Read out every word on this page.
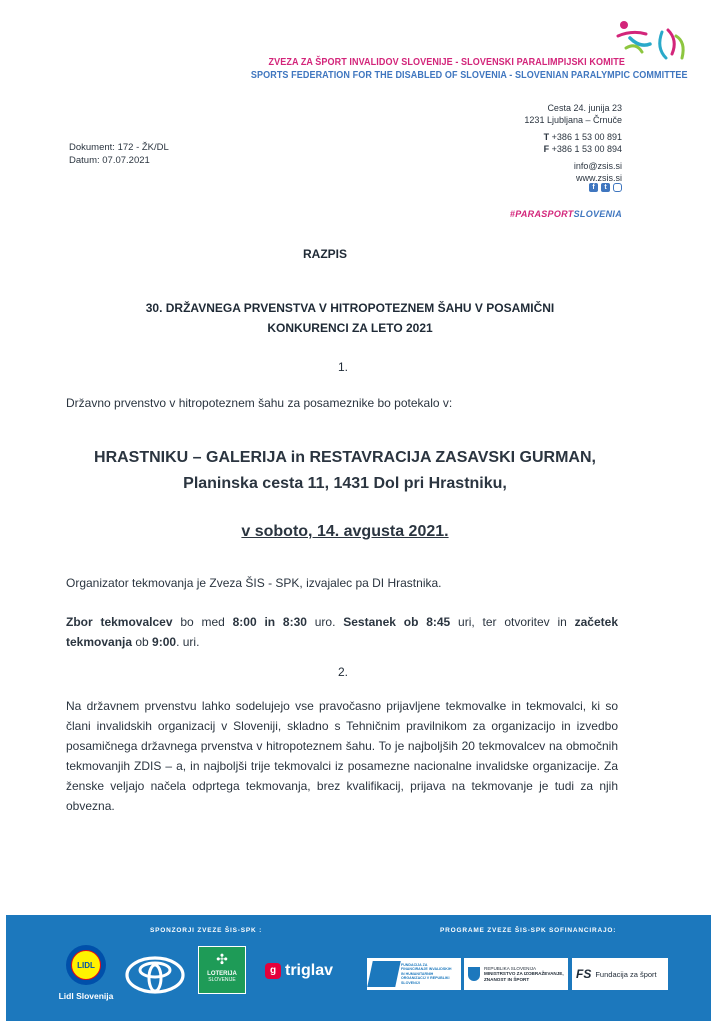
ZVEZA ZA ŠPORT INVALIDOV SLOVENIJE - SLOVENSKI PARALIMPIJSKI KOMITE
SPORTS FEDERATION FOR THE DISABLED OF SLOVENIA - SLOVENIAN PARALYMPIC COMMITTEE
Cesta 24. junija 23
1231 Ljubljana – Črnuče
T +386 1 53 00 891
F +386 1 53 00 894
info@zsis.si
www.zsis.si
f	t
#PARASPORTSLOVENIA
Dokument: 172 - ŽK/DL
Datum: 07.07.2021
RAZPIS
30. DRŽAVNEGA PRVENSTVA V HITROPOTEZNEM ŠAHU V POSAMIČNI
KONKURENCI ZA LETO 2021
1.
Državno prvenstvo v hitropoteznem šahu za posameznike bo potekalo v:
HRASTNIKU – GALERIJA in RESTAVRACIJA ZASAVSKI GURMAN,
Planinska cesta 11, 1431 Dol pri Hrastniku,
v soboto, 14. avgusta 2021.
Organizator tekmovanja je Zveza ŠIS - SPK, izvajalec pa DI Hrastnika.
Zbor tekmovalcev bo med 8:00 in 8:30 uro. Sestanek ob 8:45 uri, ter otvoritev in začetek tekmovanja ob 9:00. uri.
2.
Na državnem prvenstvu lahko sodelujejo vse pravočasno prijavljene tekmovalke in tekmovalci, ki so člani invalidskih organizacij v Sloveniji, skladno s Tehničnim pravilnikom za organizacijo in izvedbo posamičnega državnega prvenstva v hitropoteznem šahu. To je najboljših 20 tekmovalcev na območnih tekmovanjih ZDIS – a, in najboljši trije tekmovalci iz posamezne nacionalne invalidske organizacije. Za ženske veljajo načela odprtega tekmovanja, brez kvalifikacij, prijava na tekmovanje je tudi za njih obvezna.
SPONZORJI ZVEZE ŠIS-SPK :	PROGRAME ZVEZE ŠIS-SPK SOFINANCIRAJO:
LIDL
Lidl Slovenija
✣
LOTERIJA
SLOVENIJE
g triglav	FUNDACIJA ZA FINANCIRANJE INVALIDSKIH IN HUMANITARNIH ORGANIZACIJ V REPUBLIKI SLOVENIJI
REPUBLIKA SLOVENIJA
MINISTRSTVO ZA IZOBRAŽEVANJE,
ZNANOST IN ŠPORT	FS Fundacija za šport
